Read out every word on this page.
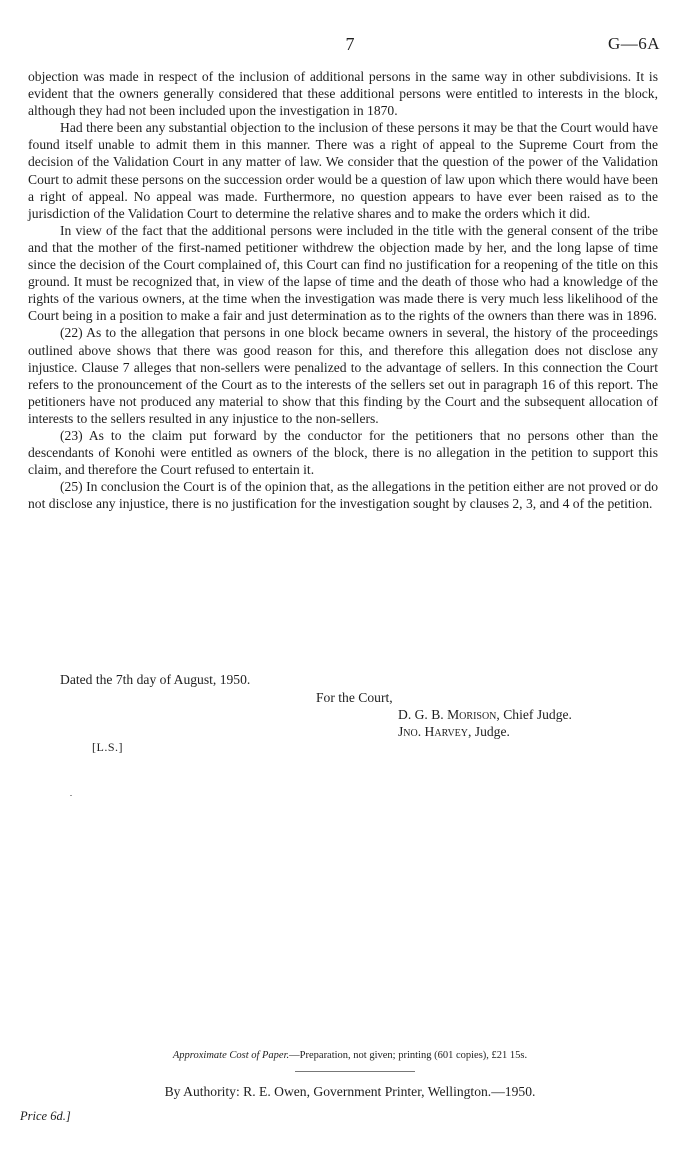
7	G—6A

objection was made in respect of the inclusion of additional persons in the same way in other subdivisions. It is evident that the owners generally considered that these additional persons were entitled to interests in the block, although they had not been included upon the investigation in 1870.

Had there been any substantial objection to the inclusion of these persons it may be that the Court would have found itself unable to admit them in this manner. There was a right of appeal to the Supreme Court from the decision of the Validation Court in any matter of law. We consider that the question of the power of the Validation Court to admit these persons on the succession order would be a question of law upon which there would have been a right of appeal. No appeal was made. Furthermore, no question appears to have ever been raised as to the jurisdiction of the Validation Court to determine the relative shares and to make the orders which it did.

In view of the fact that the additional persons were included in the title with the general consent of the tribe and that the mother of the first-named petitioner withdrew the objection made by her, and the long lapse of time since the decision of the Court complained of, this Court can find no justification for a reopening of the title on this ground. It must be recognized that, in view of the lapse of time and the death of those who had a knowledge of the rights of the various owners, at the time when the investigation was made there is very much less likelihood of the Court being in a position to make a fair and just determination as to the rights of the owners than there was in 1896.

(22) As to the allegation that persons in one block became owners in several, the history of the proceedings outlined above shows that there was good reason for this, and therefore this allegation does not disclose any injustice. Clause 7 alleges that non-sellers were penalized to the advantage of sellers. In this connection the Court refers to the pronouncement of the Court as to the interests of the sellers set out in paragraph 16 of this report. The petitioners have not produced any material to show that this finding by the Court and the subsequent allocation of interests to the sellers resulted in any injustice to the non-sellers.

(23) As to the claim put forward by the conductor for the petitioners that no persons other than the descendants of Konohi were entitled as owners of the block, there is no allegation in the petition to support this claim, and therefore the Court refused to entertain it.

(25) In conclusion the Court is of the opinion that, as the allegations in the petition either are not proved or do not disclose any injustice, there is no justification for the investigation sought by clauses 2, 3, and 4 of the petition.

Dated the 7th day of August, 1950.
For the Court,
D. G. B. Morison, Chief Judge.
Jno. Harvey, Judge.
[L.S.]
Approximate Cost of Paper.—Preparation, not given; printing (601 copies), £21 15s.
By Authority: R. E. Owen, Government Printer, Wellington.—1950.
Price 6d.]
